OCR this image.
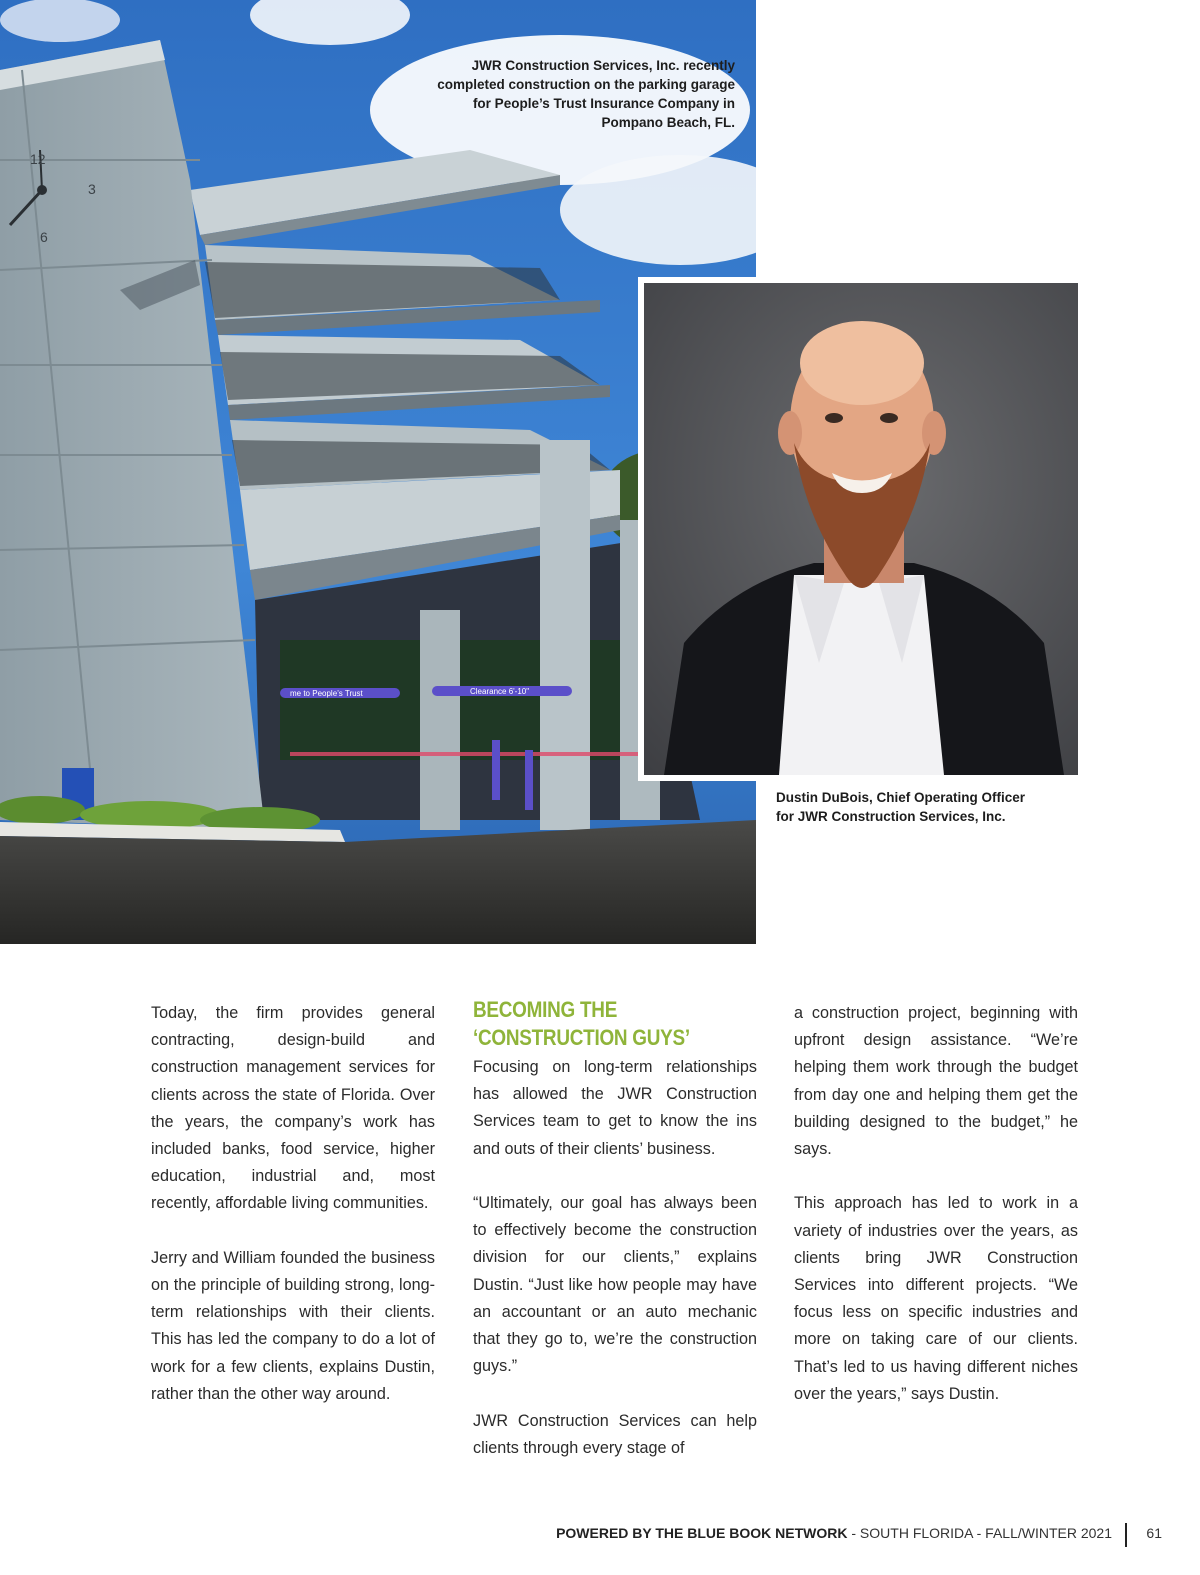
me to People’s Trust	Clearance 6'-10"
12
3
6
JWR Construction Services, Inc. recently completed construction on the parking garage for People’s Trust Insurance Company in Pompano Beach, FL.
Dustin DuBois, Chief Operating Officer
for JWR Construction Services, Inc.

Today, the firm provides general contracting, design-build and construction management services for clients across the state of Florida. Over the years, the company’s work has included banks, food service, higher education, industrial and, most recently, affordable living communities.

Jerry and William founded the business on the principle of building strong, long-term relationships with their clients. This has led the company to do a lot of work for a few clients, explains Dustin, rather than the other way around.

BECOMING THE
‘CONSTRUCTION GUYS’

Focusing on long-term relationships has allowed the JWR Construction Services team to get to know the ins and outs of their clients’ business.

“Ultimately, our goal has always been to effectively become the construction division for our clients,” explains Dustin. “Just like how people may have an accountant or an auto mechanic that they go to, we’re the construction guys.”

JWR Construction Services can help clients through every stage of

a construction project, beginning with upfront design assistance. “We’re helping them work through the budget from day one and helping them get the building designed to the budget,” he says.

This approach has led to work in a variety of industries over the years, as clients bring JWR Construction Services into different projects. “We focus less on specific industries and more on taking care of our clients. That’s led to us having different niches over the years,” says Dustin.

POWERED BY THE BLUE BOOK NETWORK - SOUTH FLORIDA - FALL/WINTER 2021 61
